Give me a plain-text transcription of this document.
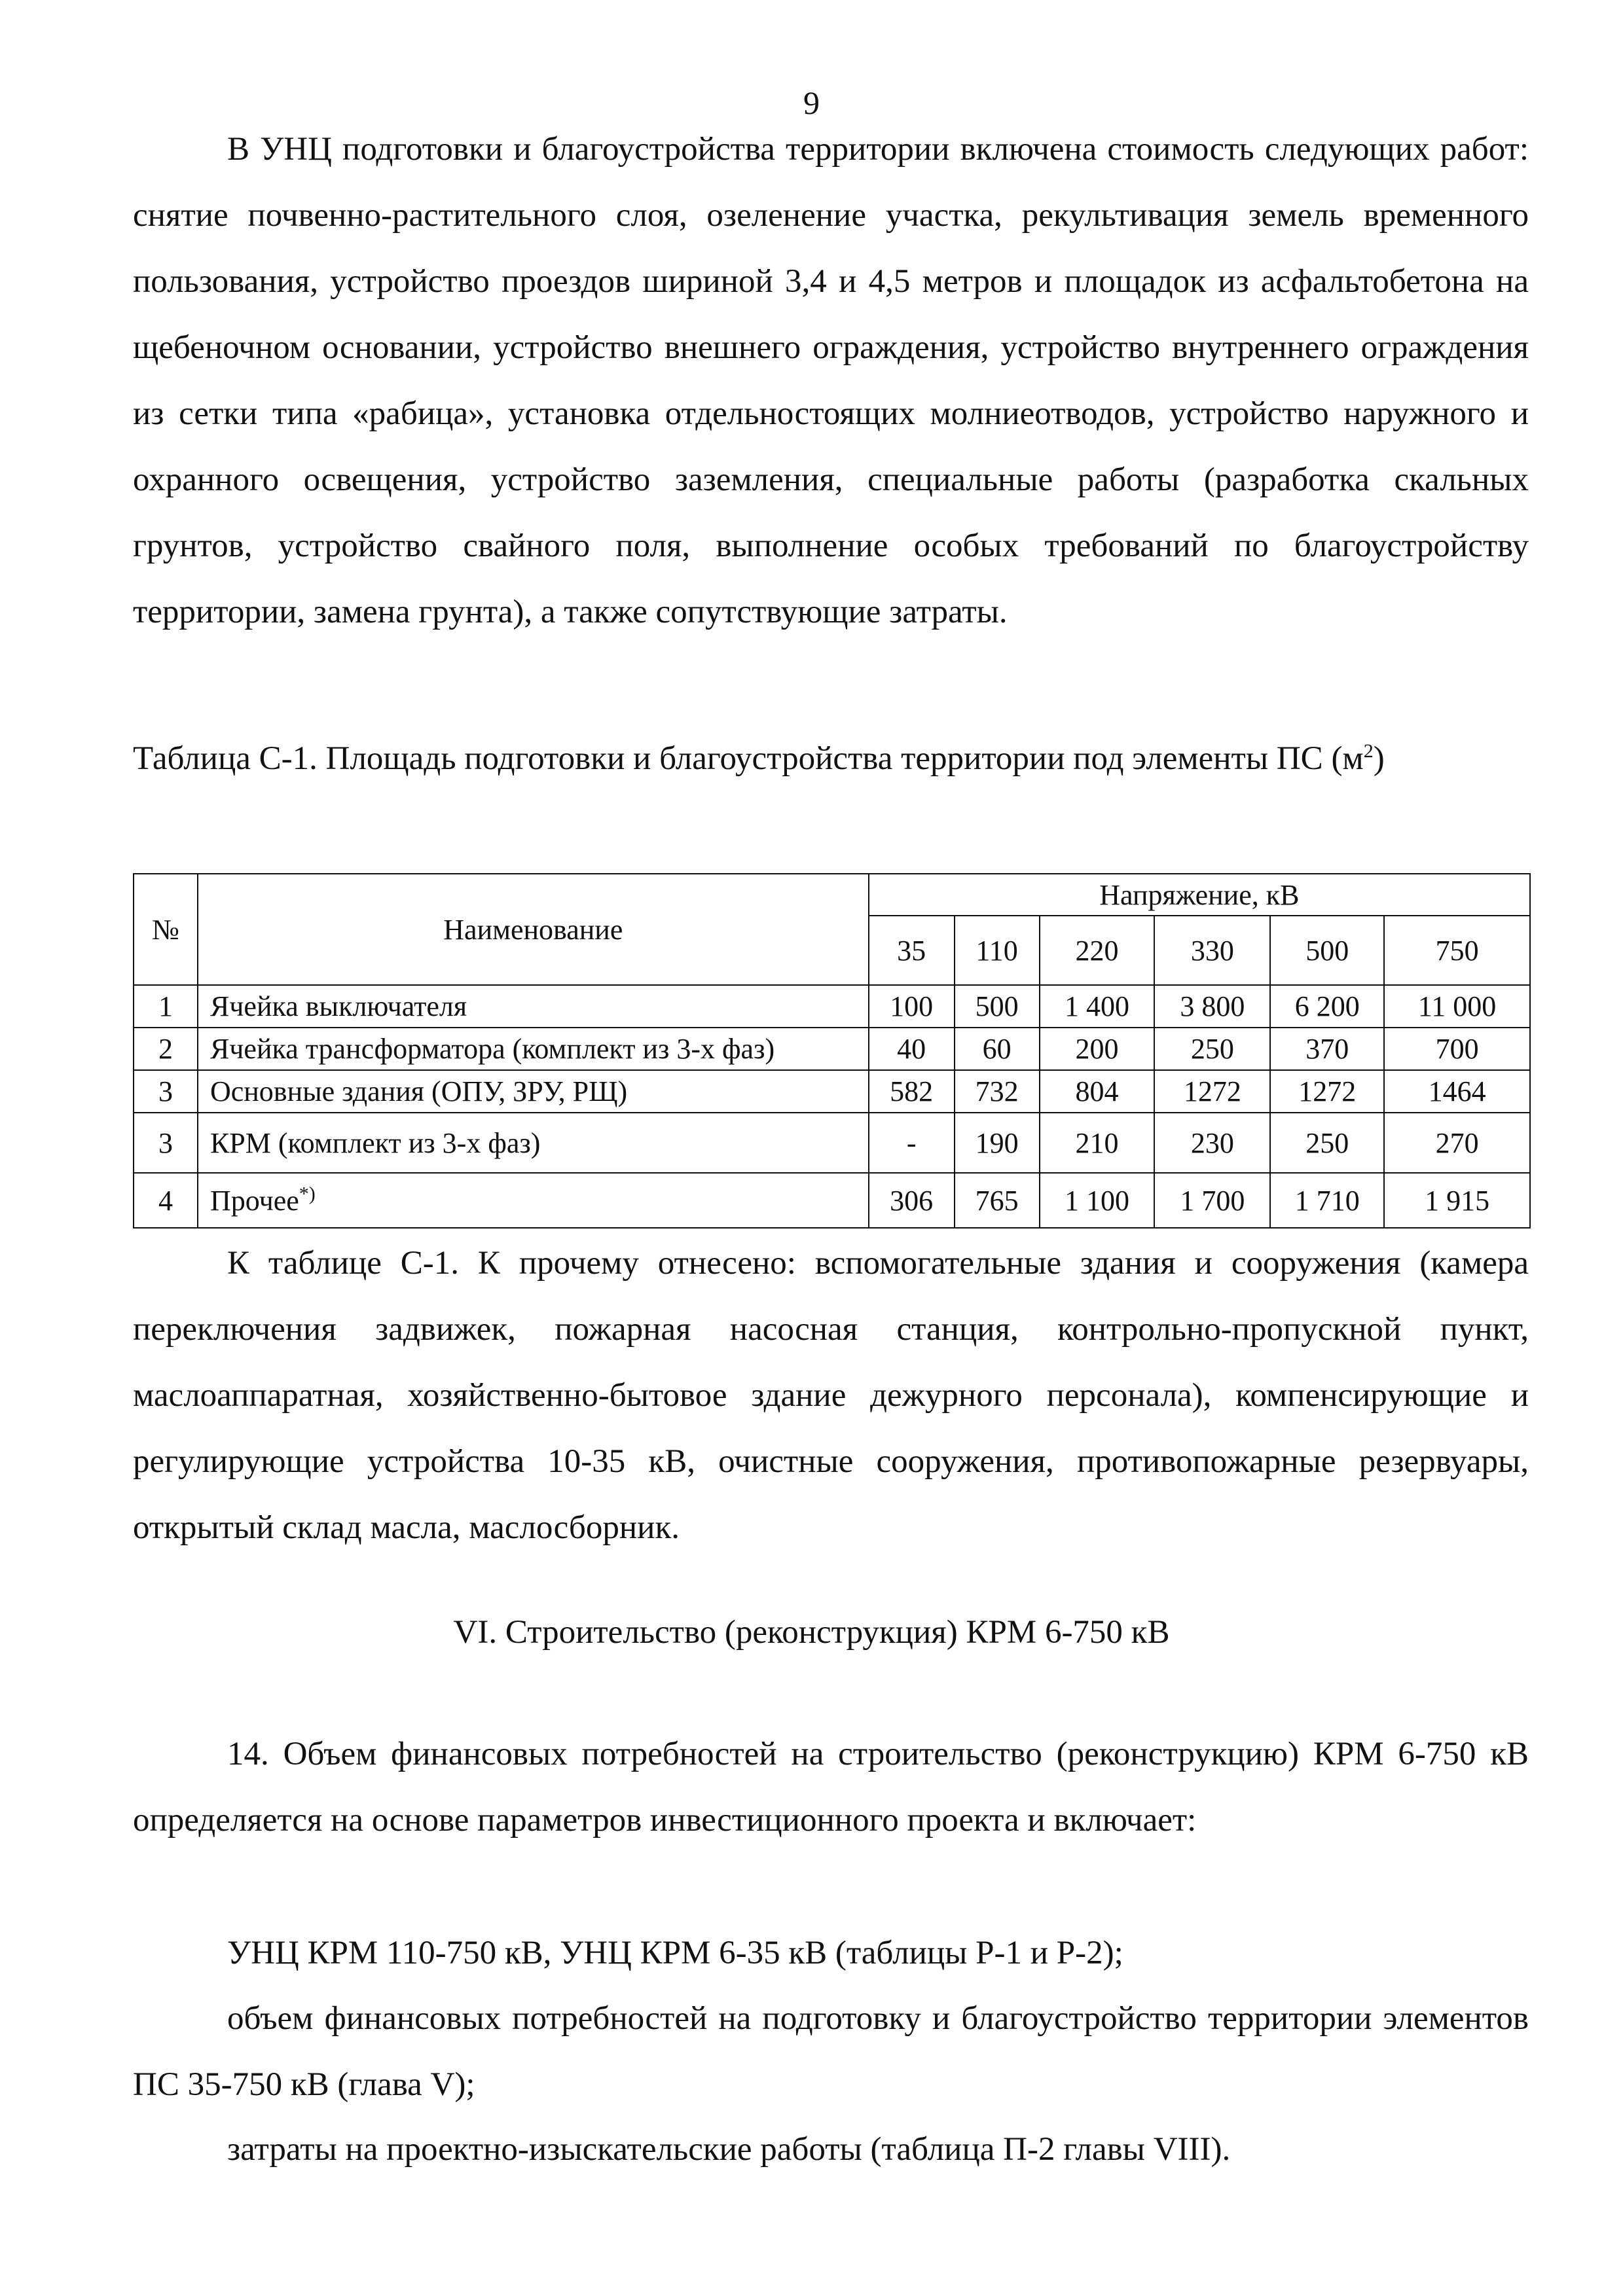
9

В УНЦ подготовки и благоустройства территории включена стоимость следующих работ: снятие почвенно-растительного слоя, озеленение участка, рекультивация земель временного пользования, устройство проездов шириной 3,4 и 4,5 метров и площадок из асфальтобетона на щебеночном основании, устройство внешнего ограждения, устройство внутреннего ограждения из сетки типа «рабица», установка отдельностоящих молниеотводов, устройство наружного и охранного освещения, устройство заземления, специальные работы (разработка скальных грунтов, устройство свайного поля, выполнение особых требований по благоустройству территории, замена грунта), а также сопутствующие затраты.

Таблица С-1. Площадь подготовки и благоустройства территории под элементы ПС $(м^2)$

№	Наименование	Напряжение, кВ					
		35	110	220	330	500	750
1	Ячейка выключателя	100	500	1 400	3 800	6 200	11 000
2	Ячейка трансформатора (комплект из 3-х фаз)	40	60	200	250	370	700
3	Основные здания (ОПУ, ЗРУ, РЩ)	582	732	804	1272	1272	1464
3	КРМ (комплект из 3-х фаз)	-	190	210	230	250	270
4	Прочее*)	306	765	1 100	1 700	1 710	1 915

К таблице С-1. К прочему отнесено: вспомогательные здания и сооружения (камера переключения задвижек, пожарная насосная станция, контрольно-пропускной пункт, маслоаппаратная, хозяйственно-бытовое здание дежурного персонала), компенсирующие и регулирующие устройства 10-35 кВ, очистные сооружения, противопожарные резервуары, открытый склад масла, маслосборник.

VI. Строительство (реконструкция) КРМ 6-750 кВ

14. Объем финансовых потребностей на строительство (реконструкцию) КРМ 6-750 кВ определяется на основе параметров инвестиционного проекта и включает:

УНЦ КРМ 110-750 кВ, УНЦ КРМ 6-35 кВ (таблицы Р-1 и Р-2);

объем финансовых потребностей на подготовку и благоустройство территории элементов ПС 35-750 кВ (глава V);

затраты на проектно-изыскательские работы (таблица П-2 главы VIII).
